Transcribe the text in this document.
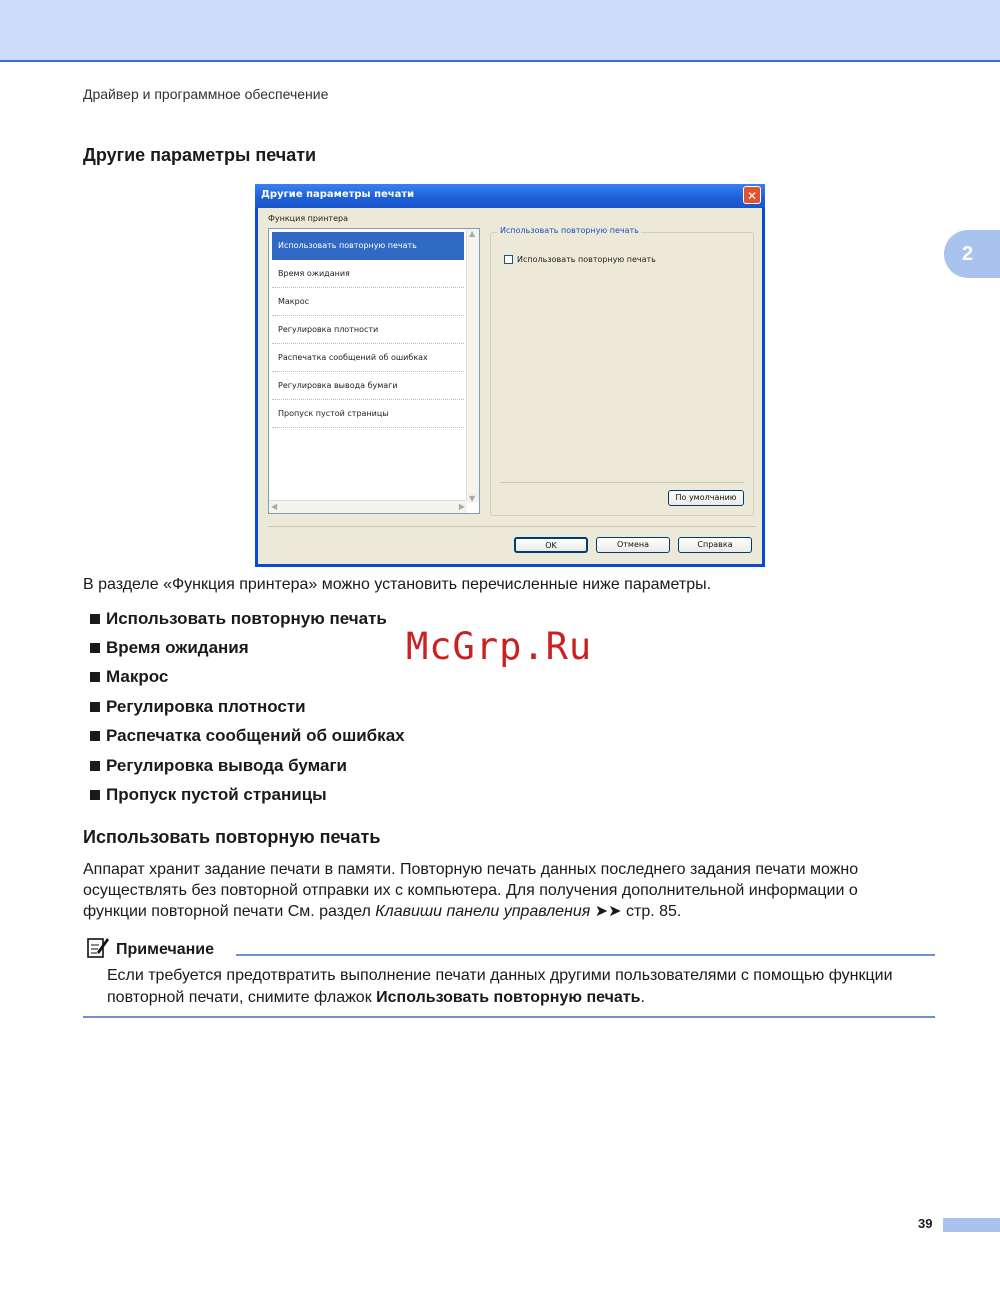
Драйвер и программное обеспечение
2
Другие параметры печати
Другие параметры печати	✕
Функция принтера
Использовать повторную печать
Время ожидания
Макрос
Регулировка плотности
Распечатка сообщений об ошибках
Регулировка вывода бумаги
Пропуск пустой страницы
▲
▼
◀	▶
Использовать повторную печать
Использовать повторную печать
По умолчанию
OK	Отмена	Справка
В разделе «Функция принтера» можно установить перечисленные ниже параметры.
Использовать повторную печать
Время ожидания
Макрос
Регулировка плотности
Распечатка сообщений об ошибках
Регулировка вывода бумаги
Пропуск пустой страницы
McGrp.Ru
Использовать повторную печать
Аппарат хранит задание печати в памяти. Повторную печать данных последнего задания печати можно осуществлять без повторной отправки их с компьютера. Для получения дополнительной информации о функции повторной печати См. раздел Клавиши панели управления ➤➤ стр. 85.
Примечание
Если требуется предотвратить выполнение печати данных другими пользователями с помощью функции повторной печати, снимите флажок Использовать повторную печать.
39
